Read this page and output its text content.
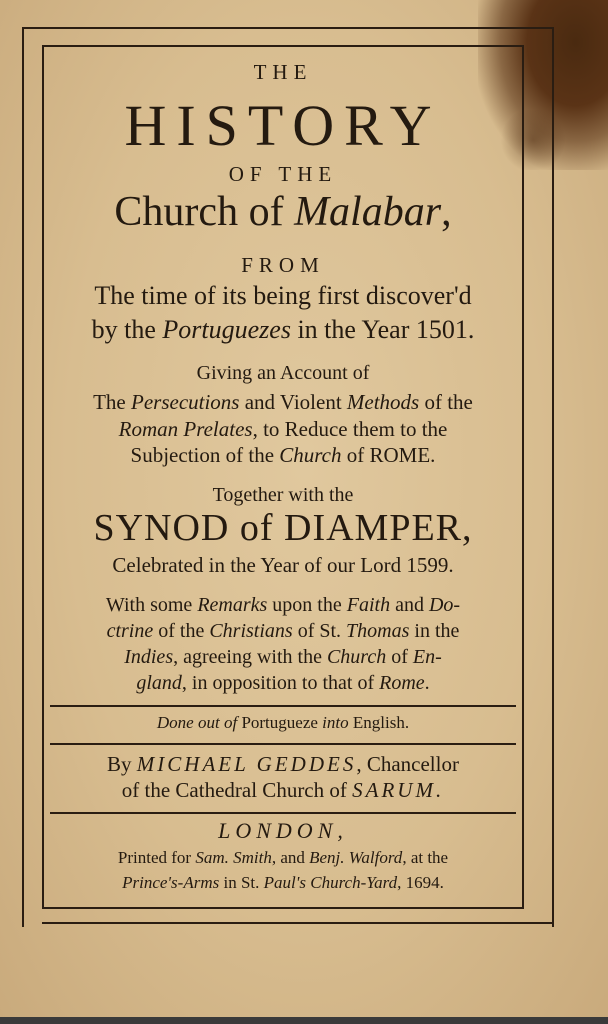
THE
HISTORY
OF THE
Church of Malabar,
FROM
The time of its being first discover'd
by the Portuguezes in the Year 1501.
Giving an Account of
The Persecutions and Violent Methods of the
Roman Prelates, to Reduce them to the
Subjection of the Church of ROME.
Together with the
SYNOD of DIAMPER,
Celebrated in the Year of our Lord 1599.
With some Remarks upon the Faith and Do-
ctrine of the Christians of St. Thomas in the
Indies, agreeing with the Church of En-
gland, in opposition to that of Rome.
Done out of Portugueze into English.
By MICHAEL GEDDES, Chancellor
of the Cathedral Church of SARUM.
LONDON,
Printed for Sam. Smith, and Benj. Walford, at the
Prince's-Arms in St. Paul's Church-Yard, 1694.
